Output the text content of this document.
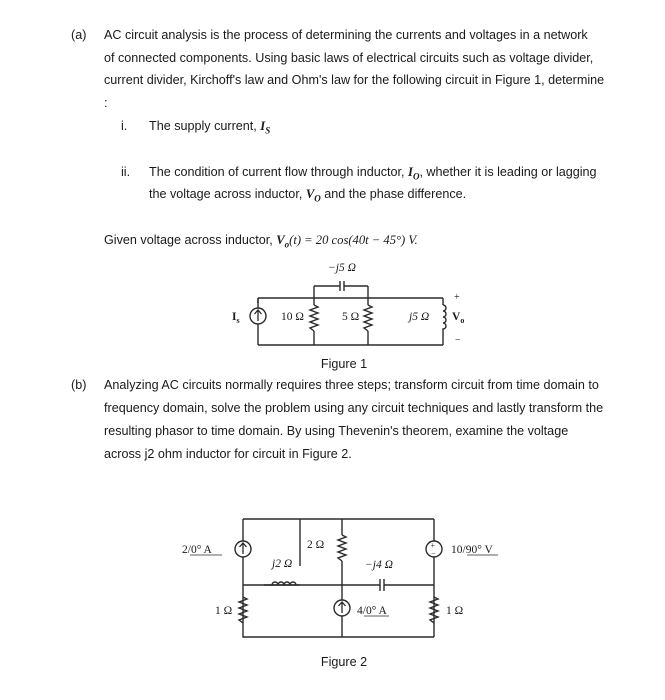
(a) AC circuit analysis is the process of determining the currents and voltages in a network
of connected components. Using basic laws of electrical circuits such as voltage divider,
current divider, Kirchoff's law and Ohm's law for the following circuit in Figure 1, determine
:
i. The supply current, $I_S$
ii. The condition of current flow through inductor, $I_O$, whether it is leading or lagging
the voltage across inductor, $V_O$ and the phase difference.
Given voltage across inductor, $V_o(t) = 20$ cos(40t − 45°) V.
−j5 Ω
$I_s$	10 Ω	5 Ω	j5 Ω
+
$V_o$
−
Figure 1
+
−
2/0° A
j2 Ω
2 Ω
−j4 Ω
10/90° V
1 Ω	4/0° A	1 Ω
Figure 2
(b) Analyzing AC circuits normally requires three steps; transform circuit from time domain to
frequency domain, solve the problem using any circuit techniques and lastly transform the
resulting phasor to time domain. By using Thevenin's theorem, examine the voltage
across j2 ohm inductor for circuit in Figure 2.
